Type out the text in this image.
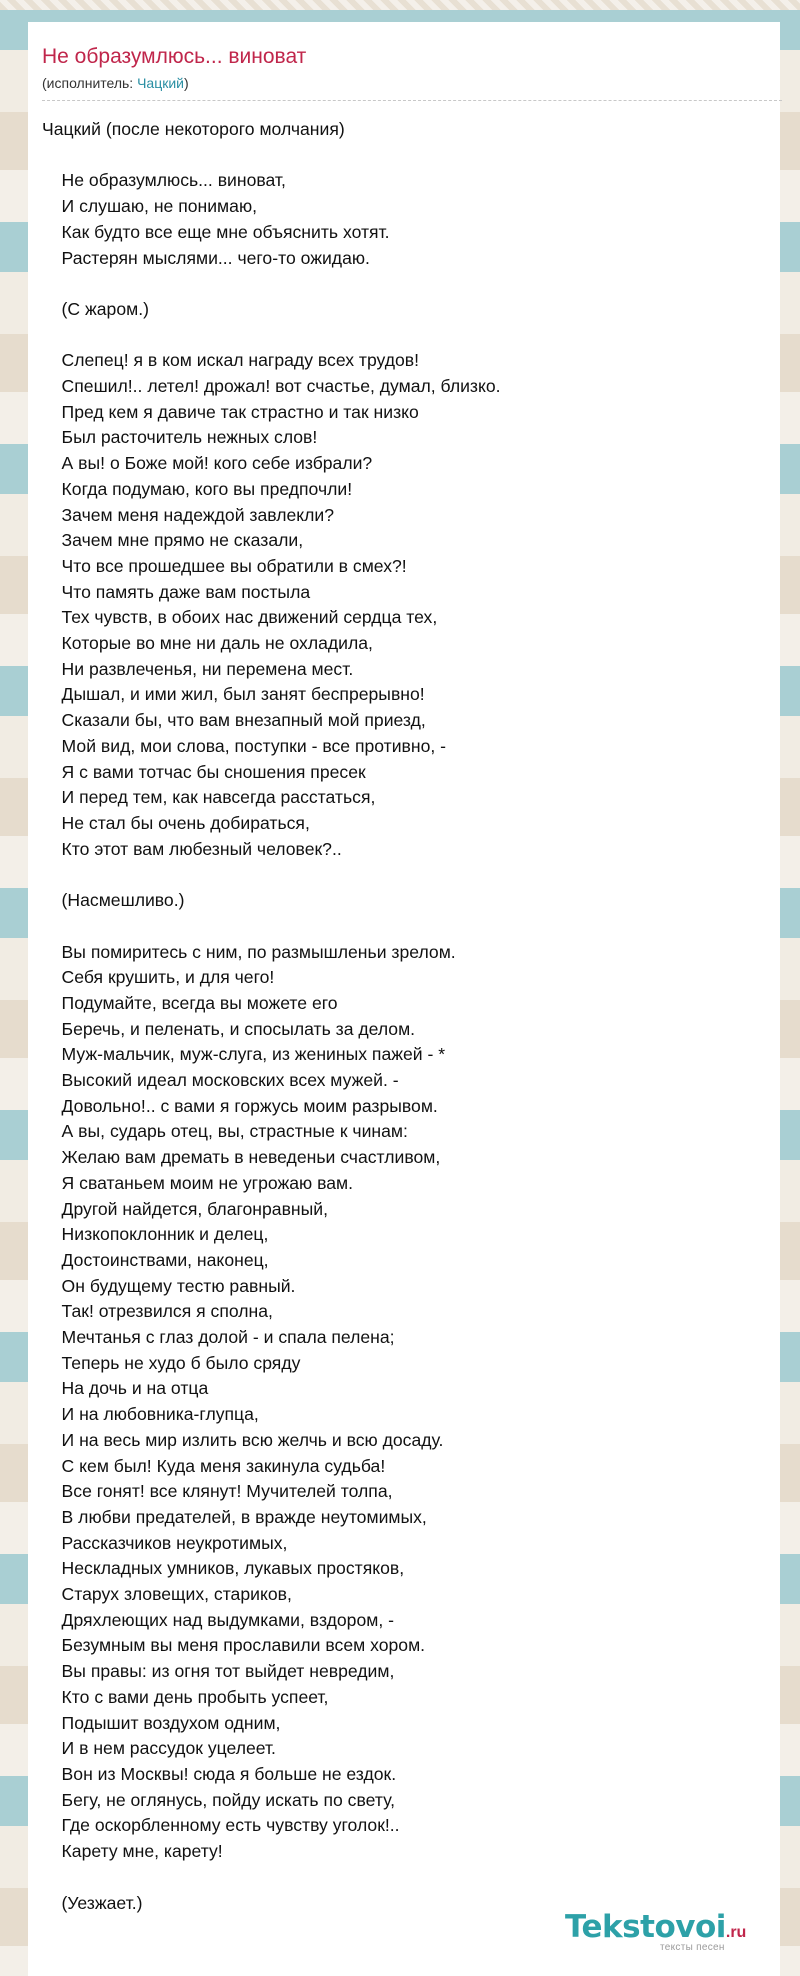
Не образумлюсь... виноват
(исполнитель: Чацкий)
Чацкий (после некоторого молчания)

Не образумлюсь... виноват,
И слушаю, не понимаю,
Как будто все еще мне объяснить хотят.
Растерян мыслями... чего-то ожидаю.

(С жаром.)

Слепец! я в ком искал награду всех трудов!
Спешил!.. летел! дрожал! вот счастье, думал, близко.
Пред кем я давиче так страстно и так низко
Был расточитель нежных слов!
А вы! о Боже мой! кого себе избрали?
Когда подумаю, кого вы предпочли!
Зачем меня надеждой завлекли?
Зачем мне прямо не сказали,
Что все прошедшее вы обратили в смех?!
Что память даже вам постыла
Тех чувств, в обоих нас движений сердца тех,
Которые во мне ни даль не охладила,
Ни развлеченья, ни перемена мест.
Дышал, и ими жил, был занят беспрерывно!
Сказали бы, что вам внезапный мой приезд,
Мой вид, мои слова, поступки - все противно, -
Я с вами тотчас бы сношения пресек
И перед тем, как навсегда расстаться,
Не стал бы очень добираться,
Кто этот вам любезный человек?..

(Насмешливо.)

Вы помиритесь с ним, по размышленьи зрелом.
Себя крушить, и для чего!
Подумайте, всегда вы можете его
Беречь, и пеленать, и спосылать за делом.
Муж-мальчик, муж-слуга, из жениных пажей - *
Высокий идеал московских всех мужей. -
Довольно!.. с вами я горжусь моим разрывом.
А вы, сударь отец, вы, страстные к чинам:
Желаю вам дремать в неведеньи счастливом,
Я сватаньем моим не угрожаю вам.
Другой найдется, благонравный,
Низкопоклонник и делец,
Достоинствами, наконец,
Он будущему тестю равный.
Так! отрезвился я сполна,
Мечтанья с глаз долой - и спала пелена;
Теперь не худо б было сряду
На дочь и на отца
И на любовника-глупца,
И на весь мир излить всю желчь и всю досаду.
С кем был! Куда меня закинула судьба!
Все гонят! все клянут! Мучителей толпа,
В любви предателей, в вражде неутомимых,
Рассказчиков неукротимых,
Нескладных умников, лукавых простяков,
Старух зловещих, стариков,
Дряхлеющих над выдумками, вздором, -
Безумным вы меня прославили всем хором.
Вы правы: из огня тот выйдет невредим,
Кто с вами день пробыть успеет,
Подышит воздухом одним,
И в нем рассудок уцелеет.
Вон из Москвы! сюда я больше не ездок.
Бегу, не оглянусь, пойду искать по свету,
Где оскорбленному есть чувству уголок!..
Карету мне, карету!

(Уезжает.)
Tekstovoi.ru
тексты песен
